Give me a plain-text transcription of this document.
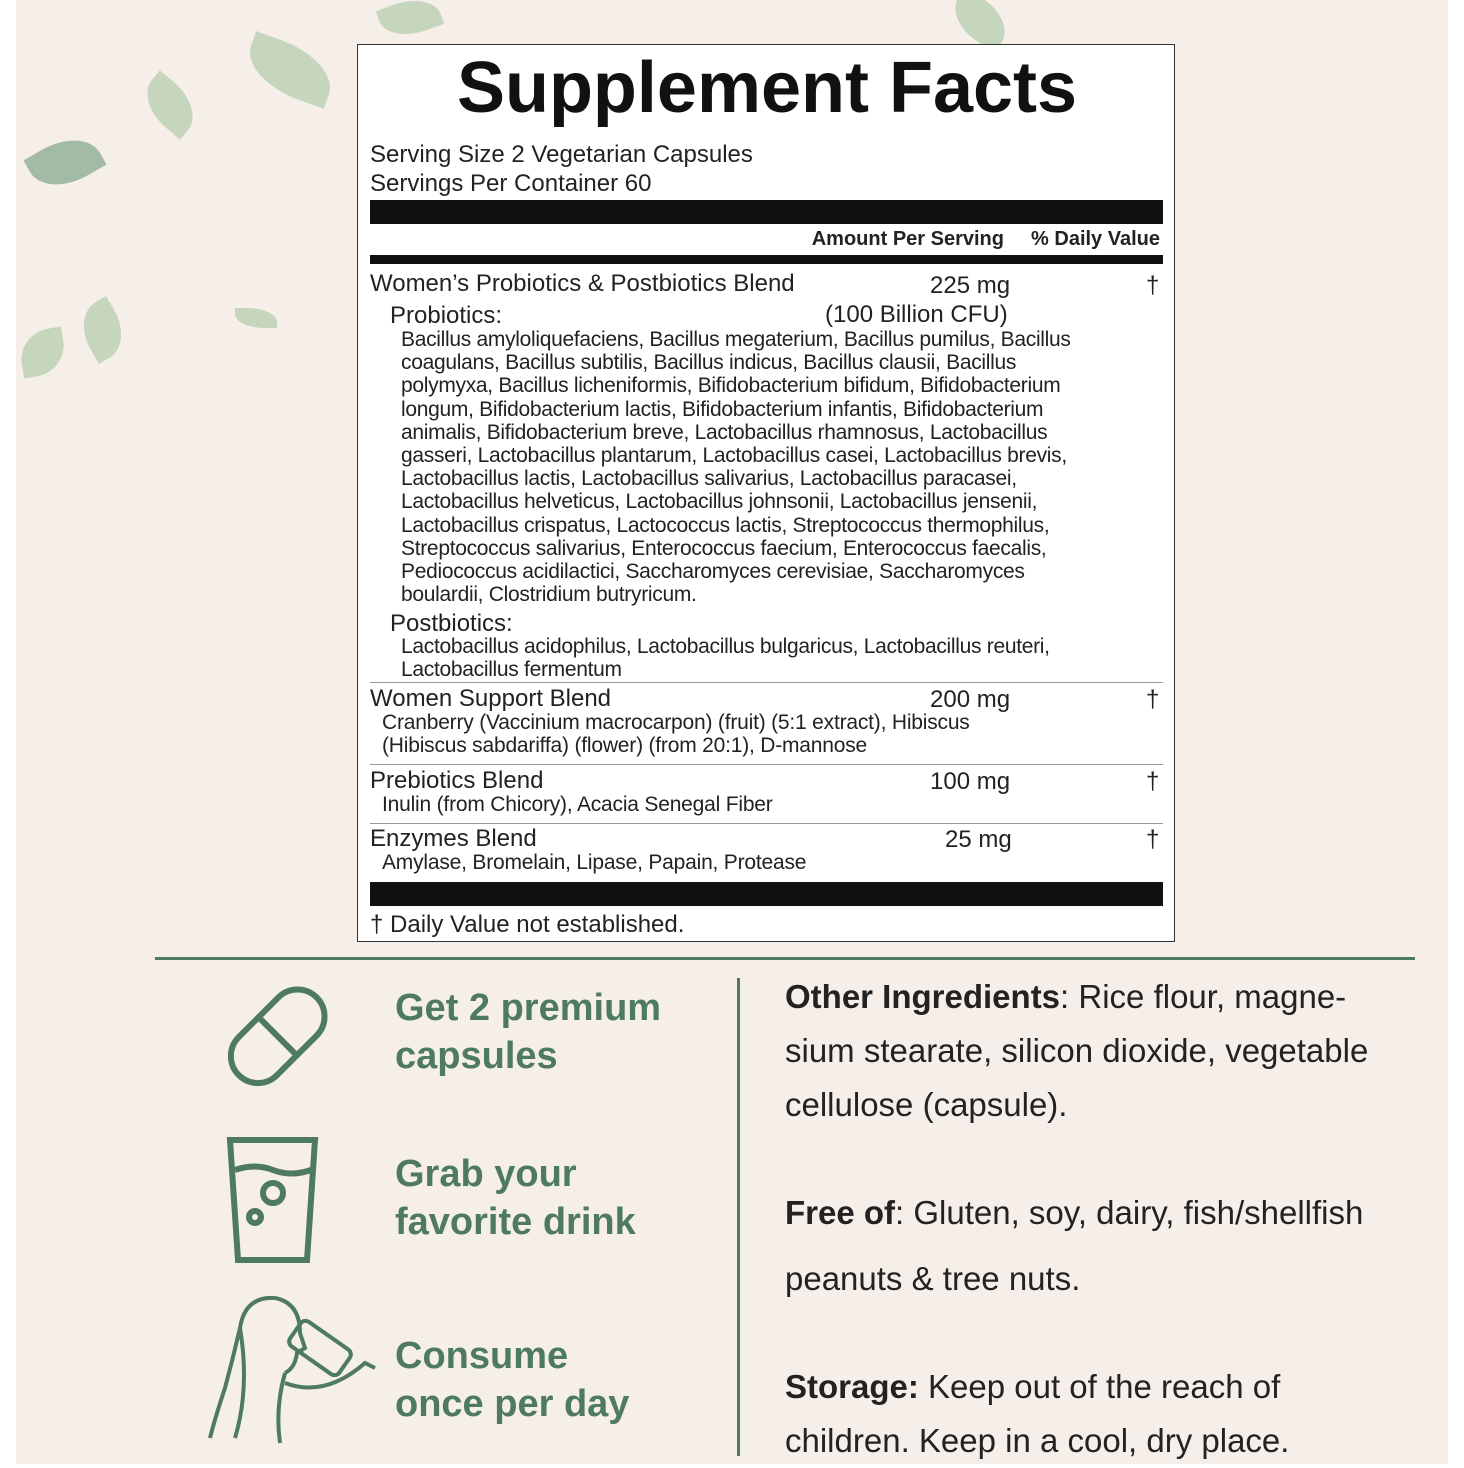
Supplement Facts
Serving Size 2 Vegetarian Capsules
Servings Per Container 60
Amount Per Serving % Daily Value
Women’s Probiotics & Postbiotics Blend	225 mg	†
Probiotics:	(100 Billion CFU)
Bacillus amyloliquefaciens, Bacillus megaterium, Bacillus pumilus, Bacillus
coagulans, Bacillus subtilis, Bacillus indicus, Bacillus clausii, Bacillus
polymyxa, Bacillus licheniformis, Bifidobacterium bifidum, Bifidobacterium
longum, Bifidobacterium lactis, Bifidobacterium infantis, Bifidobacterium
animalis, Bifidobacterium breve, Lactobacillus rhamnosus, Lactobacillus
gasseri, Lactobacillus plantarum, Lactobacillus casei, Lactobacillus brevis,
Lactobacillus lactis, Lactobacillus salivarius, Lactobacillus paracasei,
Lactobacillus helveticus, Lactobacillus johnsonii, Lactobacillus jensenii,
Lactobacillus crispatus, Lactococcus lactis, Streptococcus thermophilus,
Streptococcus salivarius, Enterococcus faecium, Enterococcus faecalis,
Pediococcus acidilactici, Saccharomyces cerevisiae, Saccharomyces
boulardii, Clostridium butryricum.
Postbiotics:
Lactobacillus acidophilus, Lactobacillus bulgaricus, Lactobacillus reuteri,
Lactobacillus fermentum
Women Support Blend	200 mg	†
Cranberry (Vaccinium macrocarpon) (fruit) (5:1 extract), Hibiscus
(Hibiscus sabdariffa) (flower) (from 20:1), D-mannose
Prebiotics Blend	100 mg	†
Inulin (from Chicory), Acacia Senegal Fiber
Enzymes Blend	25 mg	†
Amylase, Bromelain, Lipase, Papain, Protease
† Daily Value not established.
Get 2 premium
capsules
Grab your
favorite drink
Consume
once per day
Other Ingredients: Rice flour, magne-
sium stearate, silicon dioxide, vegetable
cellulose (capsule).
Free of: Gluten, soy, dairy, fish/shellfish
peanuts & tree nuts.
Storage: Keep out of the reach of
children. Keep in a cool, dry place.
